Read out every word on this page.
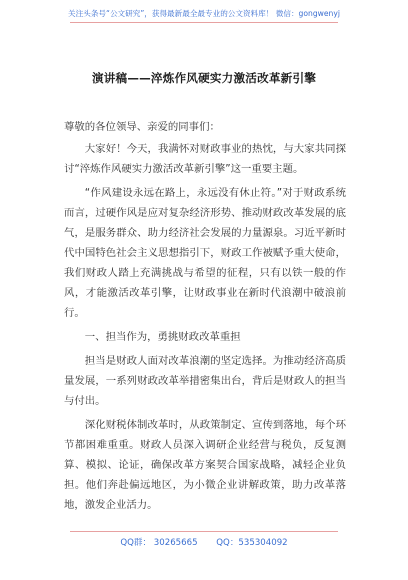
关注头条号“公文研究”，获得最新最全最专业的公文资料库！ 微信：gongwenyj
演讲稿——淬炼作风硬实力激活改革新引擎

尊敬的各位领导、亲爱的同事们：

大家好！今天，我满怀对财政事业的热忱，与大家共同探讨“淬炼作风硬实力激活改革新引擎”这一重要主题。

“作风建设永远在路上，永远没有休止符。”对于财政系统而言，过硬作风是应对复杂经济形势、推动财政改革发展的底气，是服务群众、助力经济社会发展的力量源泉。习近平新时代中国特色社会主义思想指引下，财政工作被赋予重大使命，我们财政人踏上充满挑战与希望的征程，只有以铁一般的作风，才能激活改革引擎，让财政事业在新时代浪潮中破浪前行。

一、担当作为，勇挑财政改革重担

担当是财政人面对改革浪潮的坚定选择。为推动经济高质量发展，一系列财政改革举措密集出台，背后是财政人的担当与付出。

深化财税体制改革时，从政策制定、宣传到落地，每个环节都困难重重。财政人员深入调研企业经营与税负，反复测算、模拟、论证，确保改革方案契合国家战略，减轻企业负担。他们奔赴偏远地区，为小微企业讲解政策，助力改革落地，激发企业活力。

QQ群： 30265665 QQ：535304092
